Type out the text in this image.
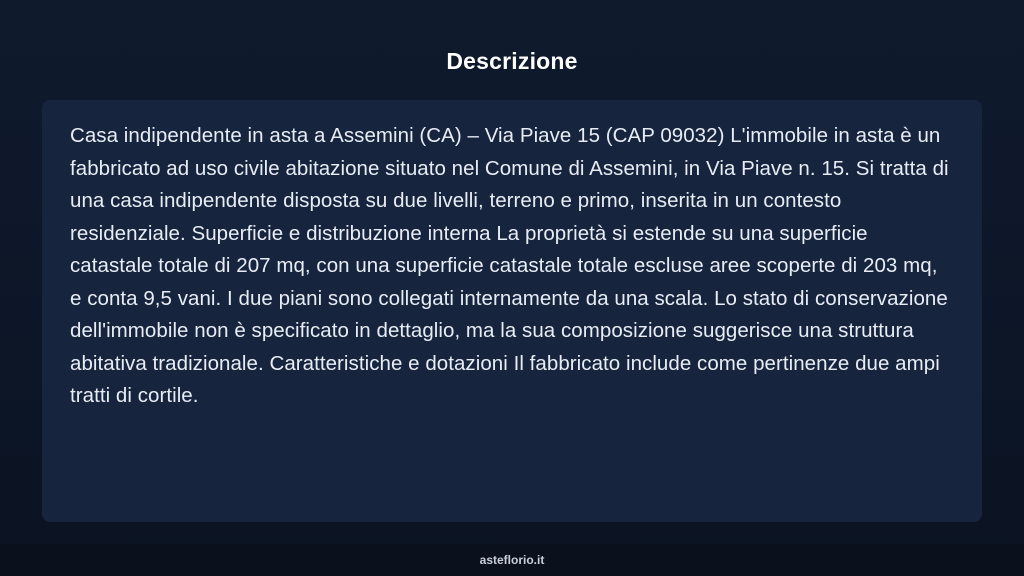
Descrizione
Casa indipendente in asta a Assemini (CA) – Via Piave 15 (CAP 09032) L'immobile in asta è un fabbricato ad uso civile abitazione situato nel Comune di Assemini, in Via Piave n. 15. Si tratta di una casa indipendente disposta su due livelli, terreno e primo, inserita in un contesto residenziale. Superficie e distribuzione interna La proprietà si estende su una superficie catastale totale di 207 mq, con una superficie catastale totale escluse aree scoperte di 203 mq, e conta 9,5 vani. I due piani sono collegati internamente da una scala. Lo stato di conservazione dell'immobile non è specificato in dettaglio, ma la sua composizione suggerisce una struttura abitativa tradizionale. Caratteristiche e dotazioni Il fabbricato include come pertinenze due ampi tratti di cortile.
asteflorio.it
